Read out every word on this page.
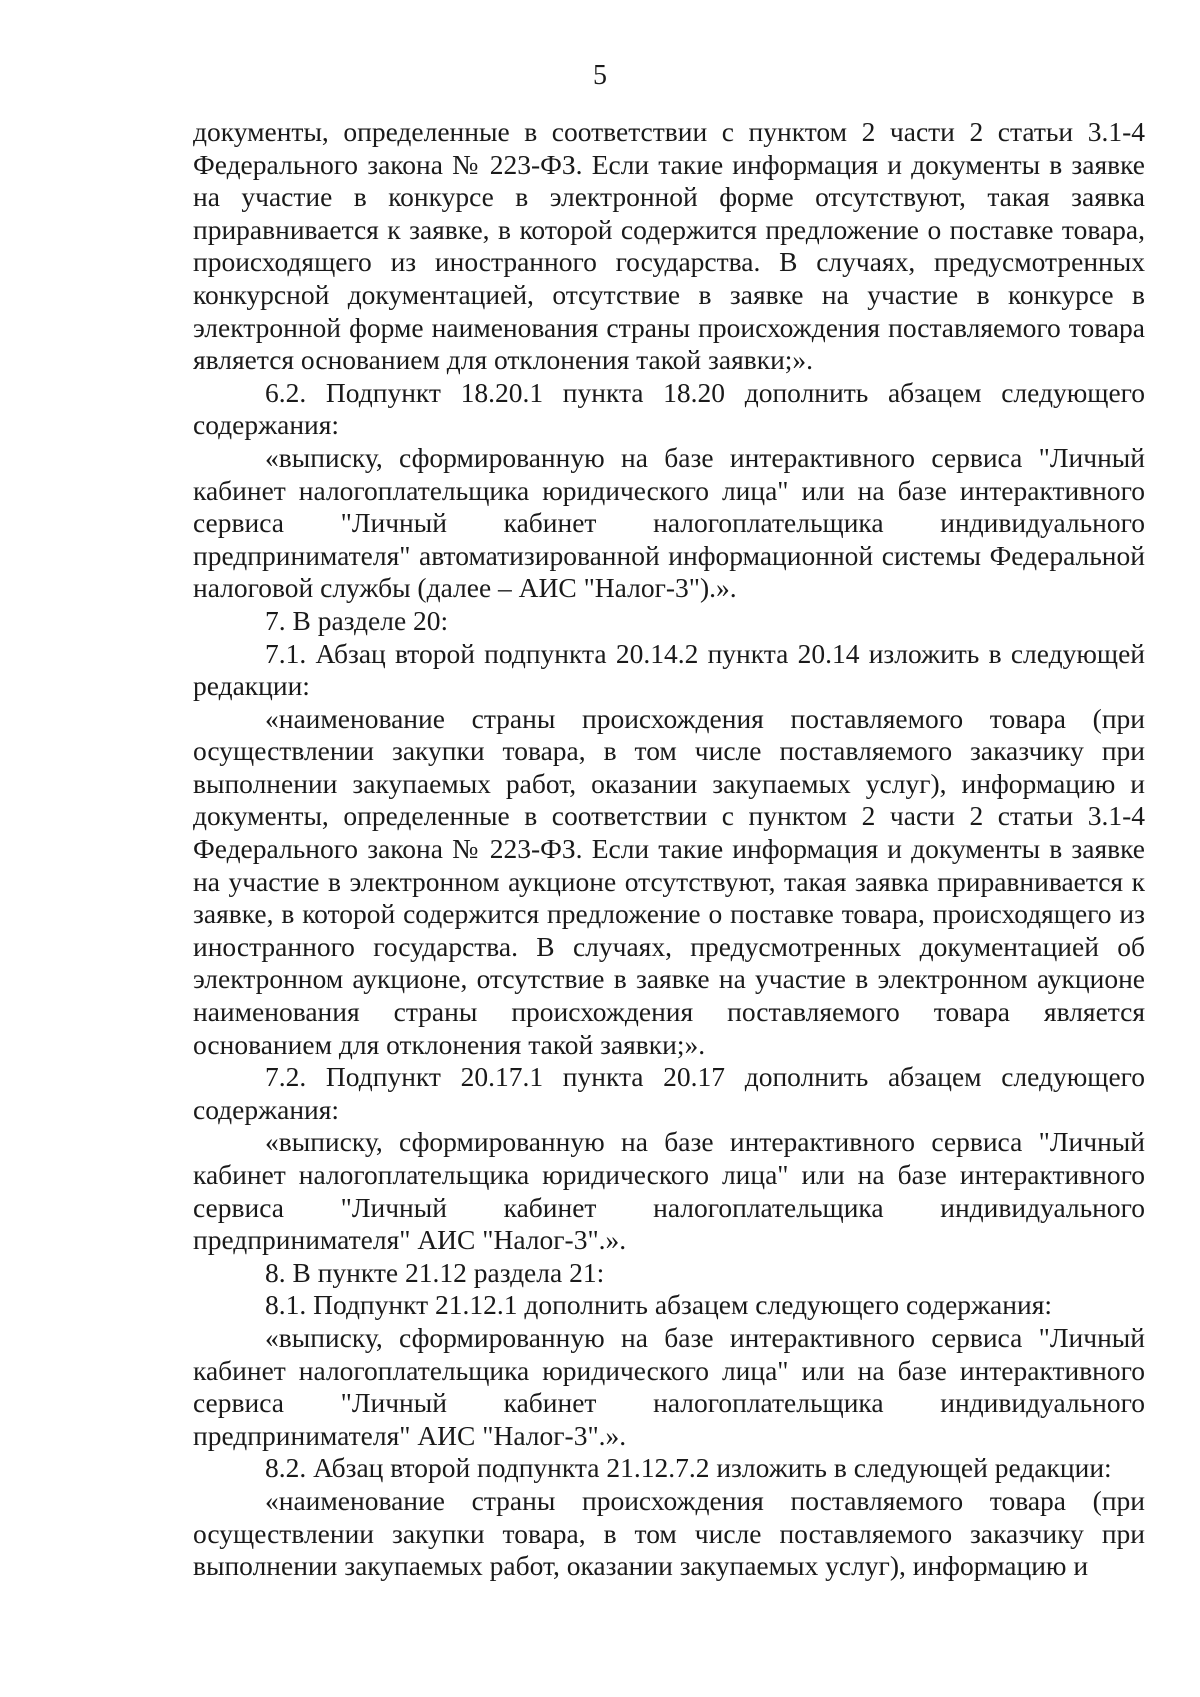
5

документы, определенные в соответствии с пунктом 2 части 2 статьи 3.1-4 Федерального закона № 223-ФЗ. Если такие информация и документы в заявке на участие в конкурсе в электронной форме отсутствуют, такая заявка приравнивается к заявке, в которой содержится предложение о поставке товара, происходящего из иностранного государства. В случаях, предусмотренных конкурсной документацией, отсутствие в заявке на участие в конкурсе в электронной форме наименования страны происхождения поставляемого товара является основанием для отклонения такой заявки;».

6.2. Подпункт 18.20.1 пункта 18.20 дополнить абзацем следующего содержания:

«выписку, сформированную на базе интерактивного сервиса "Личный кабинет налогоплательщика юридического лица" или на базе интерактивного сервиса "Личный кабинет налогоплательщика индивидуального предпринимателя" автоматизированной информационной системы Федеральной налоговой службы (далее – АИС "Налог-3").».

7. В разделе 20:

7.1. Абзац второй подпункта 20.14.2 пункта 20.14 изложить в следующей редакции:

«наименование страны происхождения поставляемого товара (при осуществлении закупки товара, в том числе поставляемого заказчику при выполнении закупаемых работ, оказании закупаемых услуг), информацию и документы, определенные в соответствии с пунктом 2 части 2 статьи 3.1-4 Федерального закона № 223-ФЗ. Если такие информация и документы в заявке на участие в электронном аукционе отсутствуют, такая заявка приравнивается к заявке, в которой содержится предложение о поставке товара, происходящего из иностранного государства. В случаях, предусмотренных документацией об электронном аукционе, отсутствие в заявке на участие в электронном аукционе наименования страны происхождения поставляемого товара является основанием для отклонения такой заявки;».

7.2. Подпункт 20.17.1 пункта 20.17 дополнить абзацем следующего содержания:

«выписку, сформированную на базе интерактивного сервиса "Личный кабинет налогоплательщика юридического лица" или на базе интерактивного сервиса "Личный кабинет налогоплательщика индивидуального предпринимателя" АИС "Налог-3".».

8. В пункте 21.12 раздела 21:

8.1. Подпункт 21.12.1 дополнить абзацем следующего содержания:

«выписку, сформированную на базе интерактивного сервиса "Личный кабинет налогоплательщика юридического лица" или на базе интерактивного сервиса "Личный кабинет налогоплательщика индивидуального предпринимателя" АИС "Налог-3".».

8.2. Абзац второй подпункта 21.12.7.2 изложить в следующей редакции:

«наименование страны происхождения поставляемого товара (при осуществлении закупки товара, в том числе поставляемого заказчику при выполнении закупаемых работ, оказании закупаемых услуг), информацию и
